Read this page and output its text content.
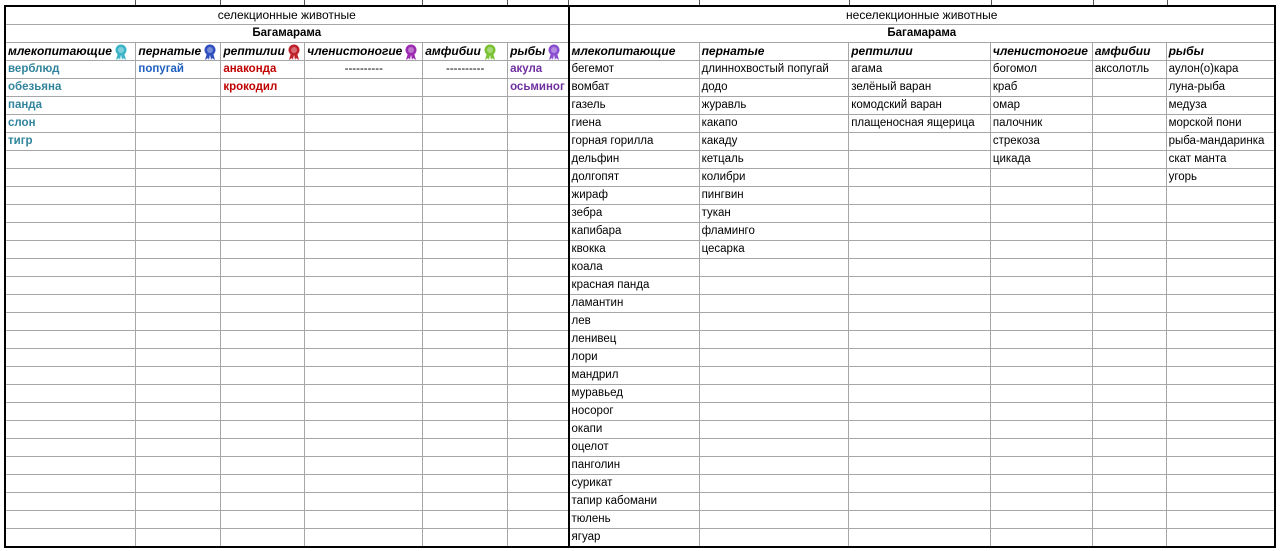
селекционные животные						неселекционные животные					
Багамарама						Багамарама					
млекопитающие	пернатые	рептилии	членистоногие	амфибии	рыбы	млекопитающие	пернатые	рептилии	членистоногие	амфибии	рыбы
верблюд	попугай	анаконда	----------	----------	акула	бегемот	длиннохвостый попугай	агама	богомол	аксолотль	аулон(о)кара
обезьяна		крокодил			осьминог	вомбат	додо	зелёный варан	краб		луна-рыба
панда						газель	журавль	комодский варан	омар		медуза
слон						гиена	какапо	плащеносная ящерица	палочник		морской пони
тигр						горная горилла	какаду		стрекоза		рыба-мандаринка
						дельфин	кетцаль		цикада		скат манта
						долгопят	колибри				угорь
						жираф	пингвин				
						зебра	тукан				
						капибара	фламинго				
						квокка	цесарка				
						коала					
						красная панда					
						ламантин					
						лев					
						ленивец					
						лори					
						мандрил					
						муравьед					
						носорог					
						окапи					
						оцелот					
						панголин					
						сурикат					
						тапир кабомани					
						тюлень					
						ягуар					
